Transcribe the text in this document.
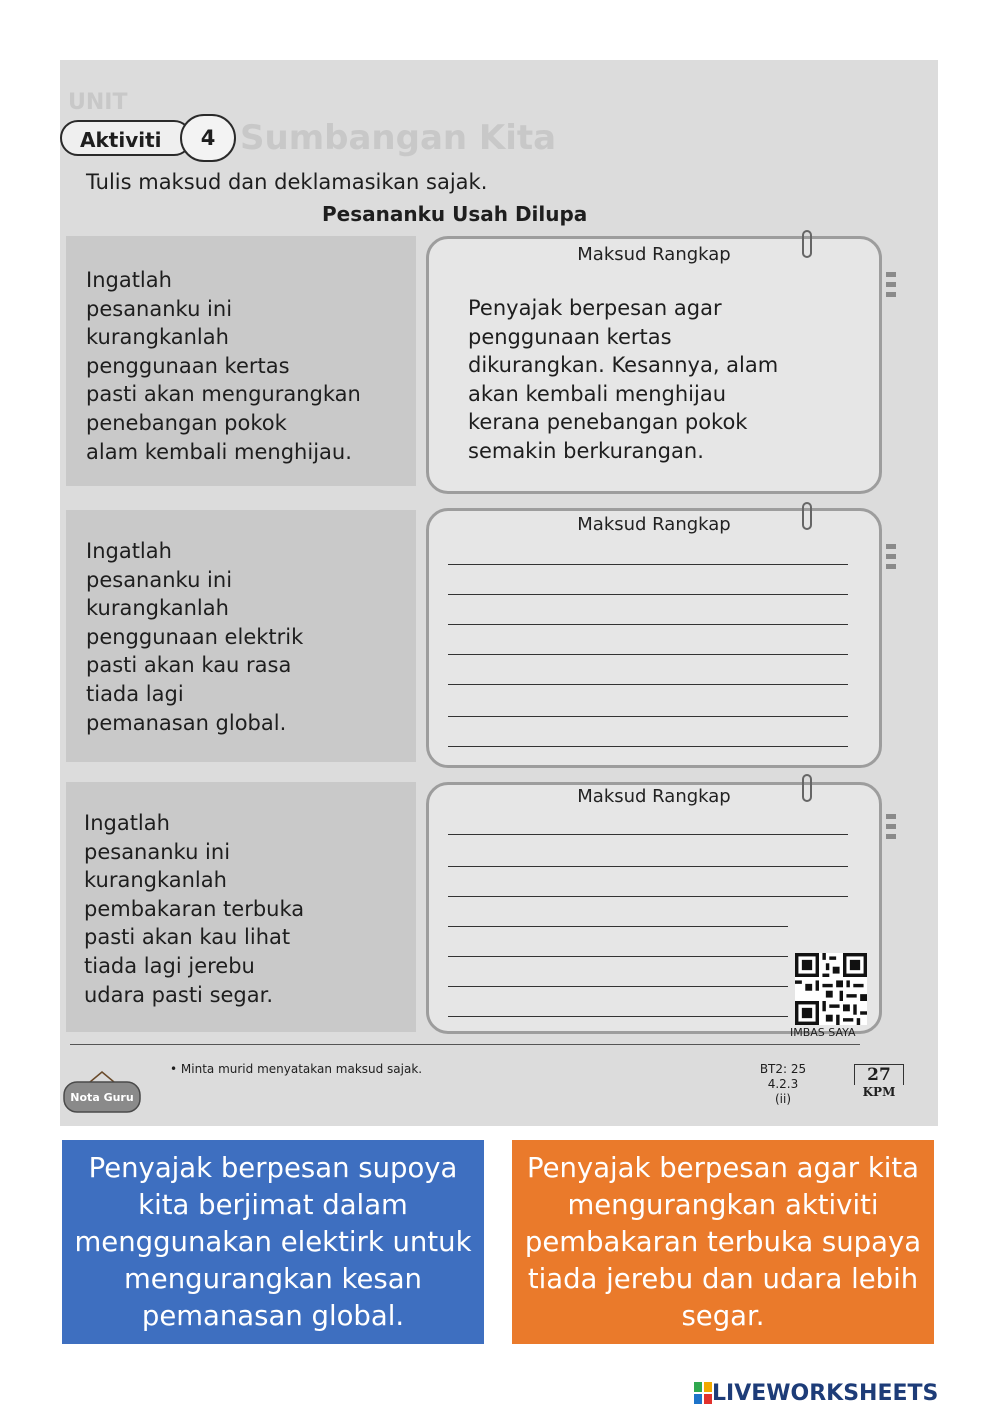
UNIT
Sumbangan Kita
Aktiviti	4
Tulis maksud dan deklamasikan sajak.
Pesananku Usah Dilupa
Ingatlah
pesananku ini
kurangkanlah
penggunaan kertas
pasti akan mengurangkan
penebangan pokok
alam kembali menghijau.
Maksud Rangkap
Penyajak berpesan agar
penggunaan kertas
dikurangkan. Kesannya, alam
akan kembali menghijau
kerana penebangan pokok
semakin berkurangan.
Ingatlah
pesananku ini
kurangkanlah
penggunaan elektrik
pasti akan kau rasa
tiada lagi
pemanasan global.
Maksud Rangkap
Ingatlah
pesananku ini
kurangkanlah
pembakaran terbuka
pasti akan kau lihat
tiada lagi jerebu
udara pasti segar.
Maksud Rangkap
IMBAS SAYA
Nota Guru
• Minta murid menyatakan maksud sajak.	BT2: 25
4.2.3
(ii)
27
KPM
Penyajak berpesan supoya kita berjimat dalam menggunakan elektirk untuk mengurangkan kesan pemanasan global.
Penyajak berpesan agar kita mengurangkan aktiviti pembakaran terbuka supaya tiada jerebu dan udara lebih segar.
LIVEWORKSHEETS
